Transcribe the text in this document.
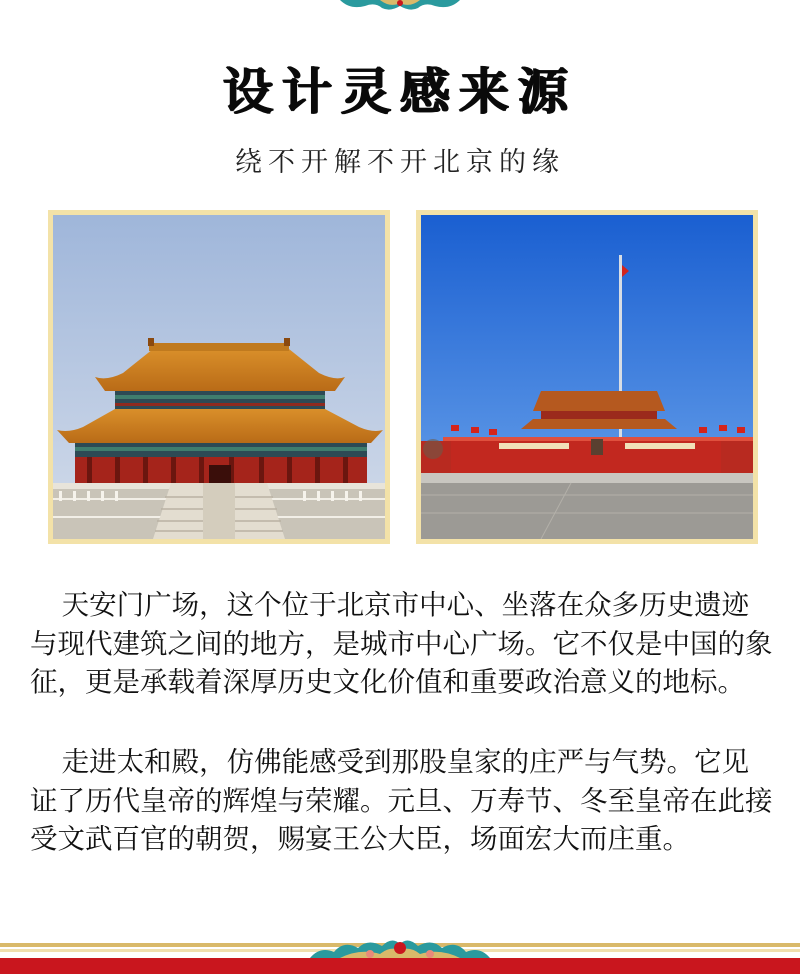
设计灵感来源
绕不开解不开北京的缘

天安门广场，这个位于北京市中心、坐落在众多历史遗迹与现代建筑之间的地方，是城市中心广场。它不仅是中国的象征，更是承载着深厚历史文化价值和重要政治意义的地标。

走进太和殿，仿佛能感受到那股皇家的庄严与气势。它见证了历代皇帝的辉煌与荣耀。元旦、万寿节、冬至皇帝在此接受文武百官的朝贺，赐宴王公大臣，场面宏大而庄重。
